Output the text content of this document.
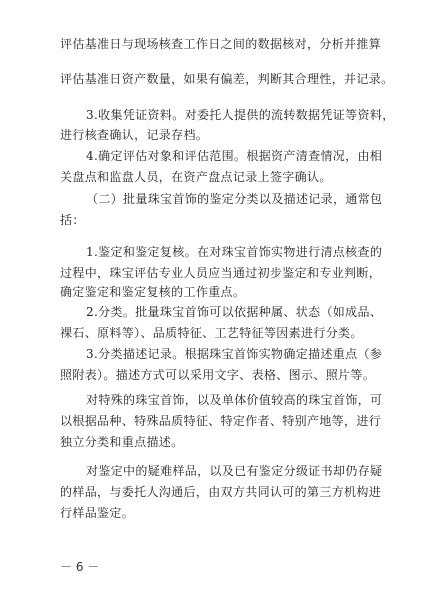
评估基准日与现场核查工作日之间的数据核对，分析并推算
评估基准日资产数量，如果有偏差，判断其合理性，并记录。
3.收集凭证资料。对委托人提供的流转数据凭证等资料，
进行核查确认，记录存档。
4.确定评估对象和评估范围。根据资产清查情况，由相
关盘点和监盘人员，在资产盘点记录上签字确认。
（二）批量珠宝首饰的鉴定分类以及描述记录，通常包
括：
1.鉴定和鉴定复核。在对珠宝首饰实物进行清点核查的
过程中，珠宝评估专业人员应当通过初步鉴定和专业判断，
确定鉴定和鉴定复核的工作重点。
2.分类。批量珠宝首饰可以依据种属、状态（如成品、
裸石、原料等）、品质特征、工艺特征等因素进行分类。
3.分类描述记录。根据珠宝首饰实物确定描述重点（参
照附表）。描述方式可以采用文字、表格、图示、照片等。
对特殊的珠宝首饰，以及单体价值较高的珠宝首饰，可
以根据品种、特殊品质特征、特定作者、特别产地等，进行
独立分类和重点描述。
对鉴定中的疑难样品，以及已有鉴定分级证书却仍存疑
的样品，与委托人沟通后，由双方共同认可的第三方机构进
行样品鉴定。
－ 6 －
